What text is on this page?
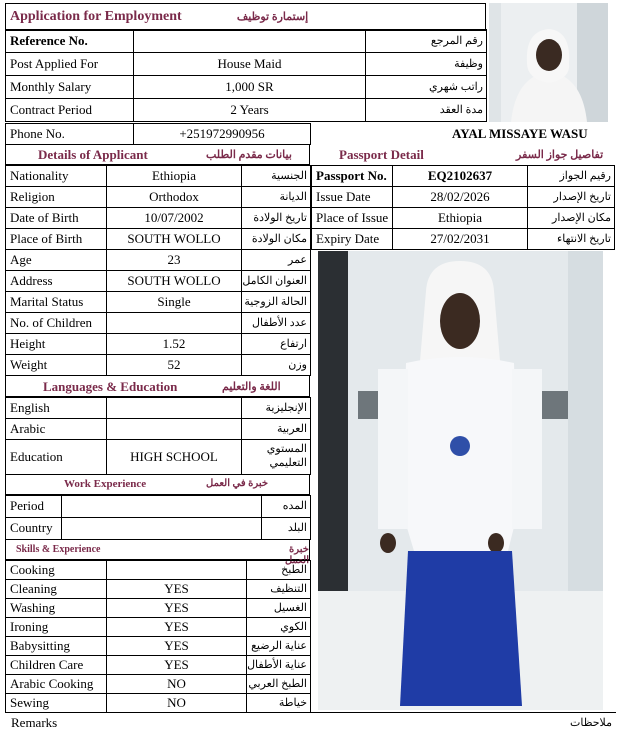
Application for Employment	إستمارة توظيف
Reference No.		رقم المرجع
Post Applied For	House Maid	وظيفة
Monthly Salary	1,000 SR	راتب شهري
Contract Period	2 Years	مدة العقد
Phone No.	+251972990956	AYAL MISSAYE WASU
Details of Applicant	بيانات مقدم الطلب
Nationality	Ethiopia	الجنسية
Religion	Orthodox	الديانة
Date of Birth	10/07/2002	تاريخ الولادة
Place of Birth	SOUTH WOLLO	مكان الولادة
Age	23	عمر
Address	SOUTH WOLLO	العنوان الكامل
Marital Status	Single	الحالة الزوجية
No. of Children		عدد الأطفال
Height	1.52	ارتفاع
Weight	52	وزن
Passport Detail	تفاصيل جواز السفر
Passport No.	EQ2102637	رقيم الجواز
Issue Date	28/02/2026	تاريخ الإصدار
Place of Issue	Ethiopia	مكان الإصدار
Expiry Date	27/02/2031	تاريخ الانتهاء
Languages & Education	اللغة والتعليم
English		الإنجليزية
Arabic		العربية
Education	HIGH SCHOOL	المستوي
التعليمي
Work Experience	خبرة في العمل
Period		المده
Country		البلد
Skills & Experience	خبرة العمل
Cooking		الطبخ
Cleaning	YES	التنظيف
Washing	YES	الغسيل
Ironing	YES	الكوي
Babysitting	YES	عناية الرضيع
Children Care	YES	عناية الأطفال
Arabic Cooking	NO	الطبخ العربي
Sewing	NO	خياطة
Remarks	ملاحظات
